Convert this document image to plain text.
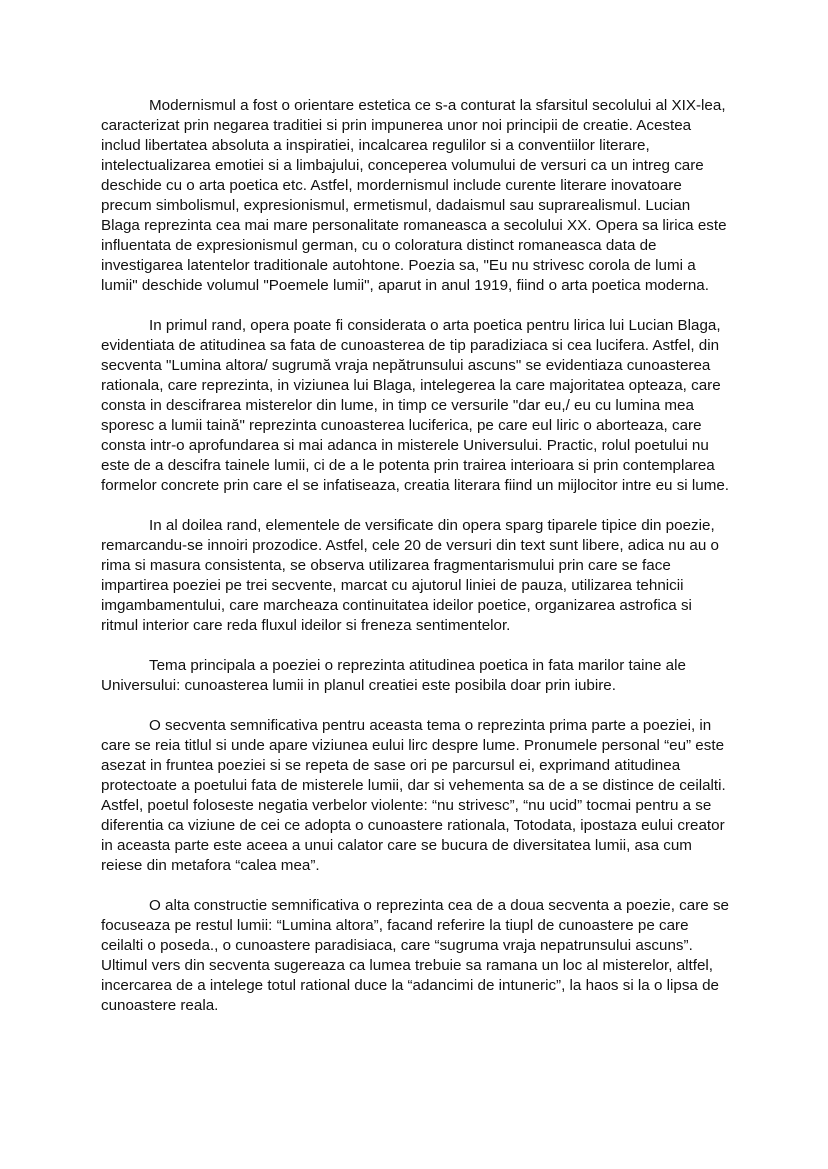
Modernismul a fost o orientare estetica ce s-a conturat la sfarsitul secolului al XIX-lea, caracterizat prin negarea traditiei si prin impunerea unor noi principii de creatie. Acestea includ libertatea absoluta a inspiratiei, incalcarea regulilor si a conventiilor literare, intelectualizarea emotiei si a limbajului, conceperea volumului de versuri ca un intreg care deschide cu o arta poetica etc. Astfel, mordernismul include curente literare inovatoare precum simbolismul, expresionismul, ermetismul, dadaismul sau suprarealismul. Lucian Blaga reprezinta cea mai mare personalitate romaneasca a secolului XX. Opera sa lirica este influentata de expresionismul german, cu o coloratura distinct romaneasca data de investigarea latentelor traditionale autohtone. Poezia sa, "Eu nu strivesc corola de lumi a lumii" deschide volumul "Poemele lumii", aparut in anul 1919, fiind o arta poetica moderna.

In primul rand, opera poate fi considerata o arta poetica pentru lirica lui Lucian Blaga, evidentiata de atitudinea sa fata de cunoasterea de tip paradiziaca si cea lucifera. Astfel, din secventa "Lumina altora/ sugrumă vraja nepătrunsului ascuns" se evidentiaza cunoasterea rationala, care reprezinta, in viziunea lui Blaga, intelegerea la care majoritatea opteaza, care consta in descifrarea misterelor din lume, in timp ce versurile "dar eu,/ eu cu lumina mea sporesc a lumii taină" reprezinta cunoasterea luciferica, pe care eul liric o aborteaza, care consta intr-o aprofundarea si mai adanca in misterele Universului. Practic, rolul poetului nu este de a descifra tainele lumii, ci de a le potenta prin trairea interioara si prin contemplarea formelor concrete prin care el se infatiseaza, creatia literara fiind un mijlocitor intre eu si lume.

In al doilea rand, elementele de versificate din opera sparg tiparele tipice din poezie, remarcandu-se innoiri prozodice. Astfel, cele 20 de versuri din text sunt libere, adica nu au o rima si masura consistenta, se observa utilizarea fragmentarismului prin care se face impartirea poeziei pe trei secvente, marcat cu ajutorul liniei de pauza, utilizarea tehnicii imgambamentului, care marcheaza continuitatea ideilor poetice, organizarea astrofica si ritmul interior care reda fluxul ideilor si freneza sentimentelor.

Tema principala a poeziei o reprezinta atitudinea poetica in fata marilor taine ale Universului: cunoasterea lumii in planul creatiei este posibila doar prin iubire.

O secventa semnificativa pentru aceasta tema o reprezinta prima parte a poeziei, in care se reia titlul si unde apare viziunea eului lirc despre lume. Pronumele personal “eu” este asezat in fruntea poeziei si se repeta de sase ori pe parcursul ei, exprimand atitudinea protectoate a poetului fata de misterele lumii, dar si vehementa sa de a se distince de ceilalti. Astfel, poetul foloseste negatia verbelor violente: “nu strivesc”, “nu ucid” tocmai pentru a se diferentia ca viziune de cei ce adopta o cunoastere rationala, Totodata, ipostaza eului creator in aceasta parte este aceea a unui calator care se bucura de diversitatea lumii, asa cum reiese din metafora “calea mea”.

O alta constructie semnificativa o reprezinta cea de a doua secventa a poezie, care se focuseaza pe restul lumii: “Lumina altora”, facand referire la tiupl de cunoastere pe care ceilalti o poseda., o cunoastere paradisiaca, care “sugruma vraja nepatrunsului ascuns”. Ultimul vers din secventa sugereaza ca lumea trebuie sa ramana un loc al misterelor, altfel, incercarea de a intelege totul rational duce la “adancimi de intuneric”, la haos si la o lipsa de cunoastere reala.
